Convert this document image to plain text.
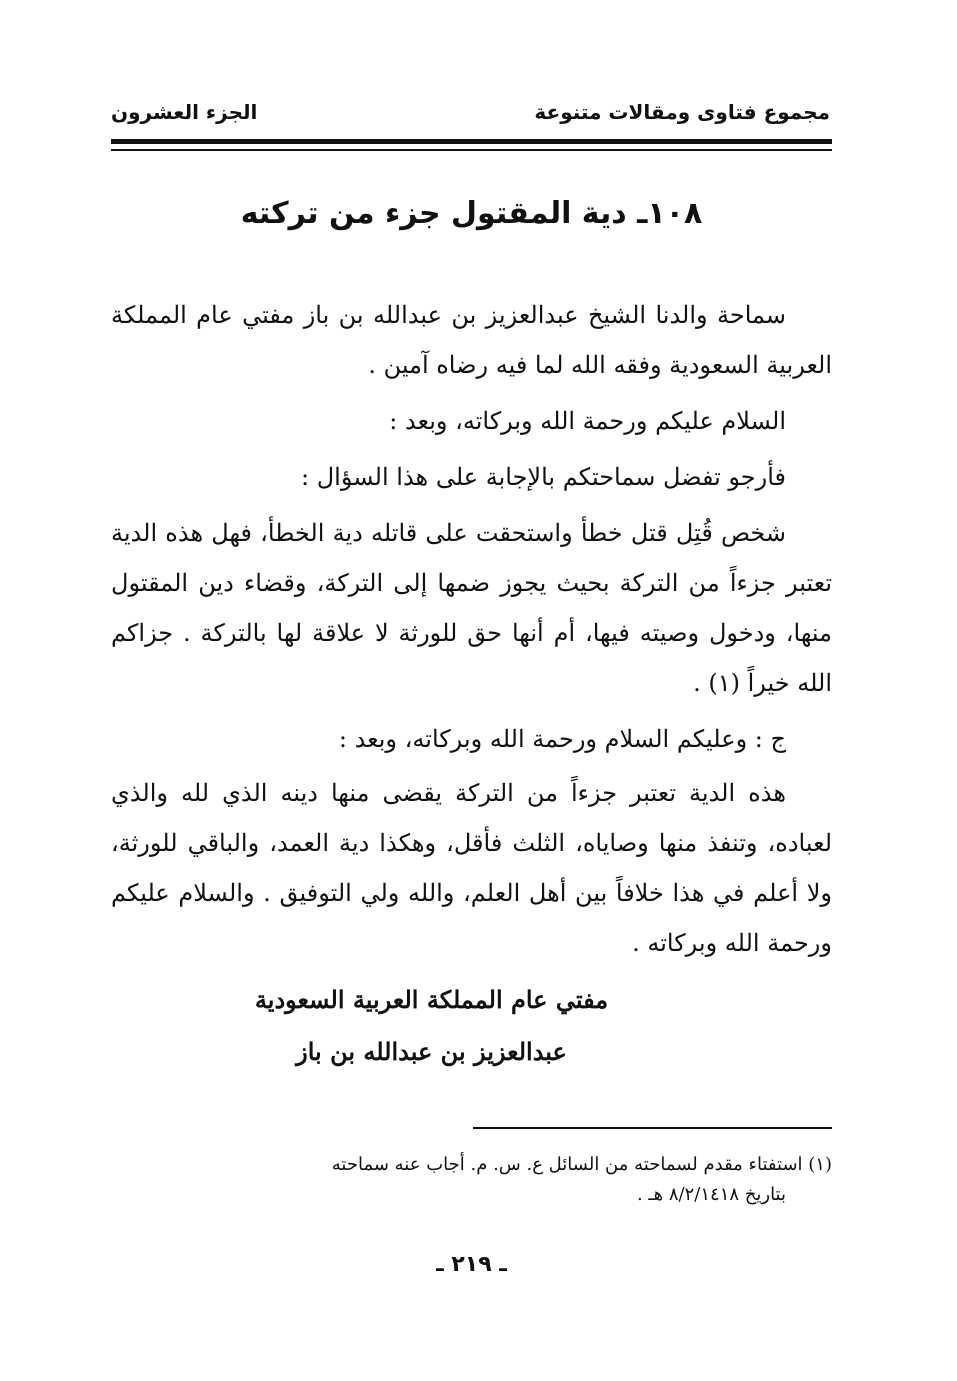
مجموع فتاوى ومقالات متنوعة
الجزء العشرون
١٠٨ـ دية المقتول جزء من تركته

سماحة والدنا الشيخ عبدالعزيز بن عبدالله بن باز مفتي عام المملكة العربية السعودية وفقه الله لما فيه رضاه آمين .

السلام عليكم ورحمة الله وبركاته، وبعد :

فأرجو تفضل سماحتكم بالإجابة على هذا السؤال :

شخص قُتِل قتل خطأ واستحقت على قاتله دية الخطأ، فهل هذه الدية تعتبر جزءاً من التركة بحيث يجوز ضمها إلى التركة، وقضاء دين المقتول منها، ودخول وصيته فيها، أم أنها حق للورثة لا علاقة لها بالتركة . جزاكم الله خيراً (١) .

ج : وعليكم السلام ورحمة الله وبركاته، وبعد :

هذه الدية تعتبر جزءاً من التركة يقضى منها دينه الذي لله والذي لعباده، وتنفذ منها وصاياه، الثلث فأقل، وهكذا دية العمد، والباقي للورثة، ولا أعلم في هذا خلافاً بين أهل العلم، والله ولي التوفيق . والسلام عليكم ورحمة الله وبركاته .

مفتي عام المملكة العربية السعودية

عبدالعزيز بن عبدالله بن باز

(١) استفتاء مقدم لسماحته من السائل ع. س. م. أجاب عنه سماحته

بتاريخ ٨/٢/١٤١٨ هـ .

ـ ٢١٩ ـ
